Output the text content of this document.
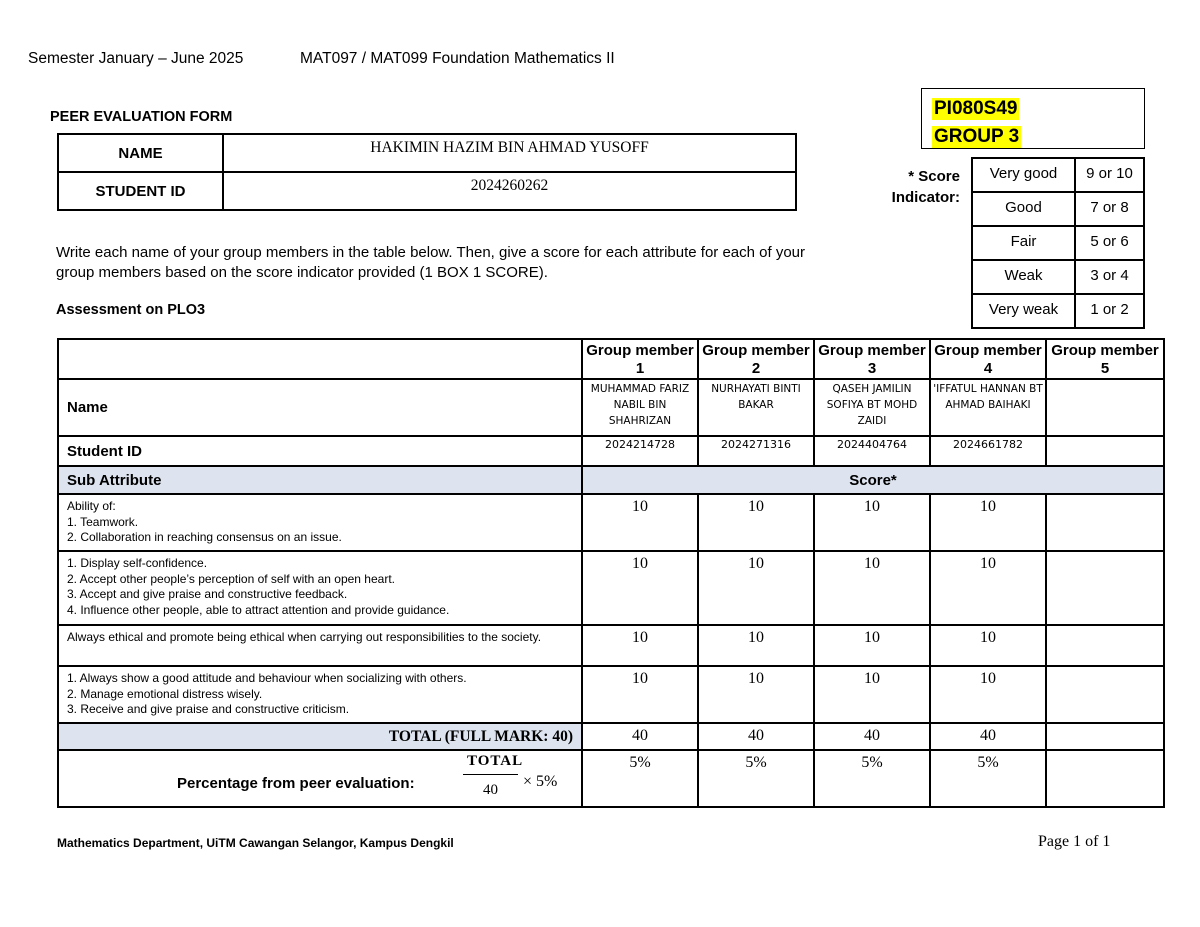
Semester January – June 2025	MAT097 / MAT099 Foundation Mathematics II
PI080S49
GROUP 3
PEER EVALUATION FORM
NAME	HAKIMIN HAZIM BIN AHMAD YUSOFF
STUDENT ID	2024260262
* Score Indicator:
Very good	9 or 10
Good	7 or 8
Fair	5 or 6
Weak	3 or 4
Very weak	1 or 2
Write each name of your group members in the table below. Then, give a score for each attribute for each of your group members based on the score indicator provided (1 BOX 1 SCORE).
Assessment on PLO3
	Group member 1	Group member 2	Group member 3	Group member 4	Group member 5
Name	MUHAMMAD FARIZ NABIL BIN SHAHRIZAN	NURHAYATI BINTI BAKAR	QASEH JAMILIN SOFIYA BT MOHD ZAIDI	'IFFATUL HANNAN BT AHMAD BAIHAKI	
Student ID	2024214728	2024271316	2024404764	2024661782	
Sub Attribute	Score*				
Ability of:
1. Teamwork.
2. Collaboration in reaching consensus on an issue.	10	10	10	10	
1. Display self-confidence.
2. Accept other people’s perception of self with an open heart.
3. Accept and give praise and constructive feedback.
4. Influence other people, able to attract attention and provide guidance.	10	10	10	10	
Always ethical and promote being ethical when carrying out responsibilities to the society.	10	10	10	10	
1. Always show a good attitude and behaviour when socializing with others.
2. Manage emotional distress wisely.
3. Receive and give praise and constructive criticism.	10	10	10	10	
TOTAL (FULL MARK: 40)	40	40	40	40	

Percentage from peer evaluation:
TOTAL
40 × 5%	5%	5%	5%	5%	
Mathematics Department, UiTM Cawangan Selangor, Kampus Dengkil	Page 1 of 1
